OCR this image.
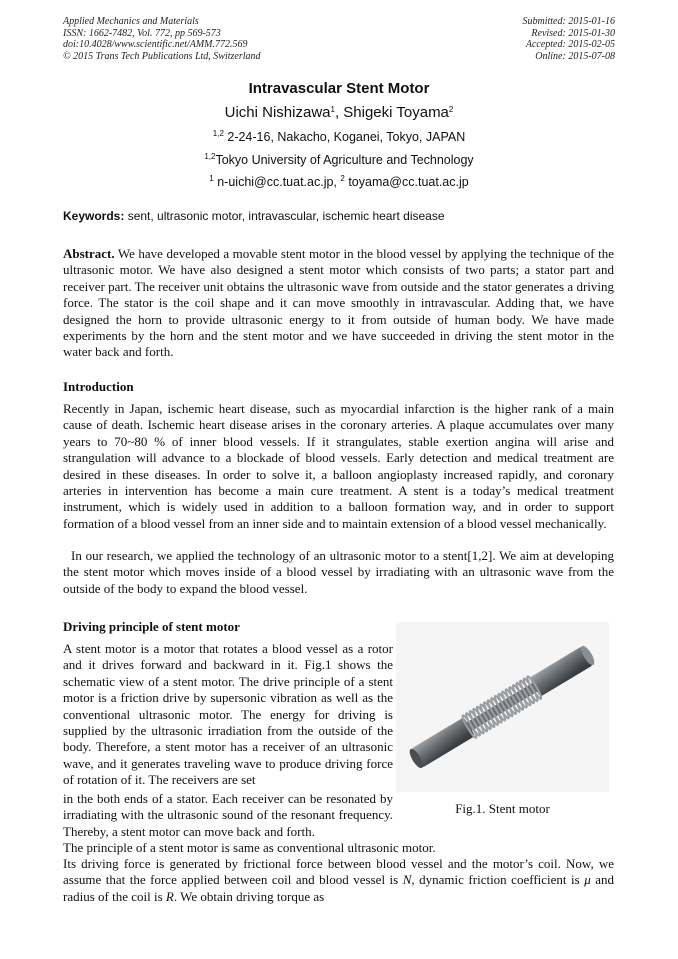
Applied Mechanics and Materials
ISSN: 1662-7482, Vol. 772, pp 569-573
doi:10.4028/www.scientific.net/AMM.772.569
© 2015 Trans Tech Publications Ltd, Switzerland
Submitted: 2015-01-16
Revised: 2015-01-30
Accepted: 2015-02-05
Online: 2015-07-08
Intravascular Stent Motor
Uichi Nishizawa$^1$, Shigeki Toyama$^2$
$^{1,2}$ 2-24-16, Nakacho, Koganei, Tokyo, JAPAN
$^{1,2}$Tokyo University of Agriculture and Technology
$^1$ n-uichi@cc.tuat.ac.jp, $^2$ toyama@cc.tuat.ac.jp
Keywords: sent, ultrasonic motor, intravascular, ischemic heart disease
Abstract. We have developed a movable stent motor in the blood vessel by applying the technique of the ultrasonic motor. We have also designed a stent motor which consists of two parts; a stator part and receiver part. The receiver unit obtains the ultrasonic wave from outside and the stator generates a driving force. The stator is the coil shape and it can move smoothly in intravascular. Adding that, we have designed the horn to provide ultrasonic energy to it from outside of human body. We have made experiments by the horn and the stent motor and we have succeeded in driving the stent motor in the water back and forth.
Introduction
Recently in Japan, ischemic heart disease, such as myocardial infarction is the higher rank of a main cause of death. Ischemic heart disease arises in the coronary arteries. A plaque accumulates over many years to 70~80 % of inner blood vessels. If it strangulates, stable exertion angina will arise and strangulation will advance to a blockade of blood vessels. Early detection and medical treatment are desired in these diseases. In order to solve it, a balloon angioplasty increased rapidly, and coronary arteries in intervention has become a main cure treatment. A stent is a today’s medical treatment instrument, which is widely used in addition to a balloon formation way, and in order to support formation of a blood vessel from an inner side and to maintain extension of a blood vessel mechanically.
In our research, we applied the technology of an ultrasonic motor to a stent[1,2]. We aim at developing the stent motor which moves inside of a blood vessel by irradiating with an ultrasonic wave from the outside of the body to expand the blood vessel.
Driving principle of stent motor
A stent motor is a motor that rotates a blood vessel as a rotor and it drives forward and backward in it. Fig.1 shows the schematic view of a stent motor. The drive principle of a stent motor is a friction drive by supersonic vibration as well as the conventional ultrasonic motor. The energy for driving is supplied by the ultrasonic irradiation from the outside of the body. Therefore, a stent motor has a receiver of an ultrasonic wave, and it generates traveling wave to produce driving force of rotation of it. The receivers are set
Fig.1. Stent motor
in the both ends of a stator. Each receiver can be resonated by irradiating with the ultrasonic sound of the resonant frequency. Thereby, a stent motor can move back and forth.
The principle of a stent motor is same as conventional ultrasonic motor.
Its driving force is generated by frictional force between blood vessel and the motor’s coil. Now, we assume that the force applied between coil and blood vessel is N, dynamic friction coefficient is μ and radius of the coil is R. We obtain driving torque as
